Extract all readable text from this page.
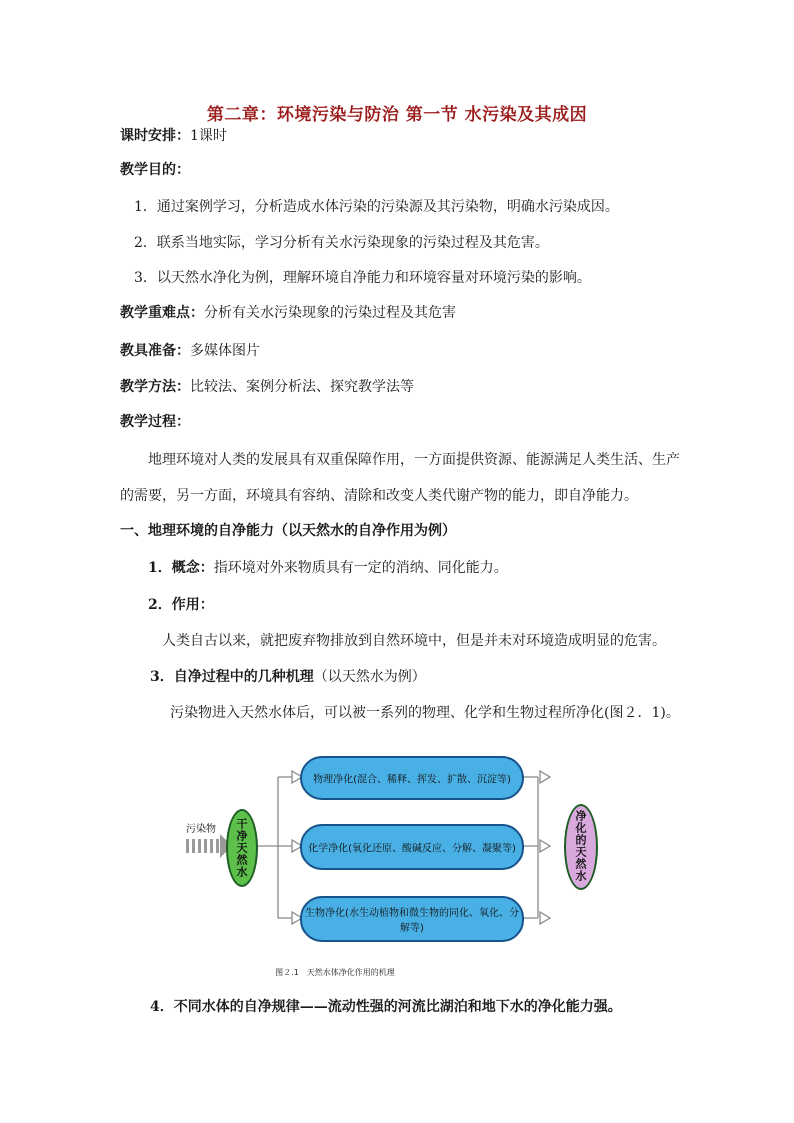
第二章：环境污染与防治 第一节 水污染及其成因
课时安排：1课时
教学目的：
1．通过案例学习，分析造成水体污染的污染源及其污染物，明确水污染成因。
2．联系当地实际，学习分析有关水污染现象的污染过程及其危害。
3．以天然水净化为例，理解环境自净能力和环境容量对环境污染的影响。
教学重难点：分析有关水污染现象的污染过程及其危害
教具准备：多媒体图片
教学方法：比较法、案例分析法、探究教学法等
教学过程：
地理环境对人类的发展具有双重保障作用，一方面提供资源、能源满足人类生活、生产
的需要，另一方面，环境具有容纳、清除和改变人类代谢产物的能力，即自净能力。
一、地理环境的自净能力（以天然水的自净作用为例）
1．概念：指环境对外来物质具有一定的消纳、同化能力。
2．作用：
人类自古以来，就把废弃物排放到自然环境中，但是并未对环境造成明显的危害。
3．自净过程中的几种机理（以天然水为例）
污染物进入天然水体后，可以被一系列的物理、化学和生物过程所净化(图２．1)。
污染物 干净天然水
物理净化(混合、稀释、挥发、扩散、沉淀等)
化学净化(氧化还原、酸碱反应、分解、凝聚等)
生物净化(水生动植物和微生物的同化、氧化、分解等)
净化的天然水
图２.1　天然水体净化作用的机理
4．不同水体的自净规律——流动性强的河流比湖泊和地下水的净化能力强。
